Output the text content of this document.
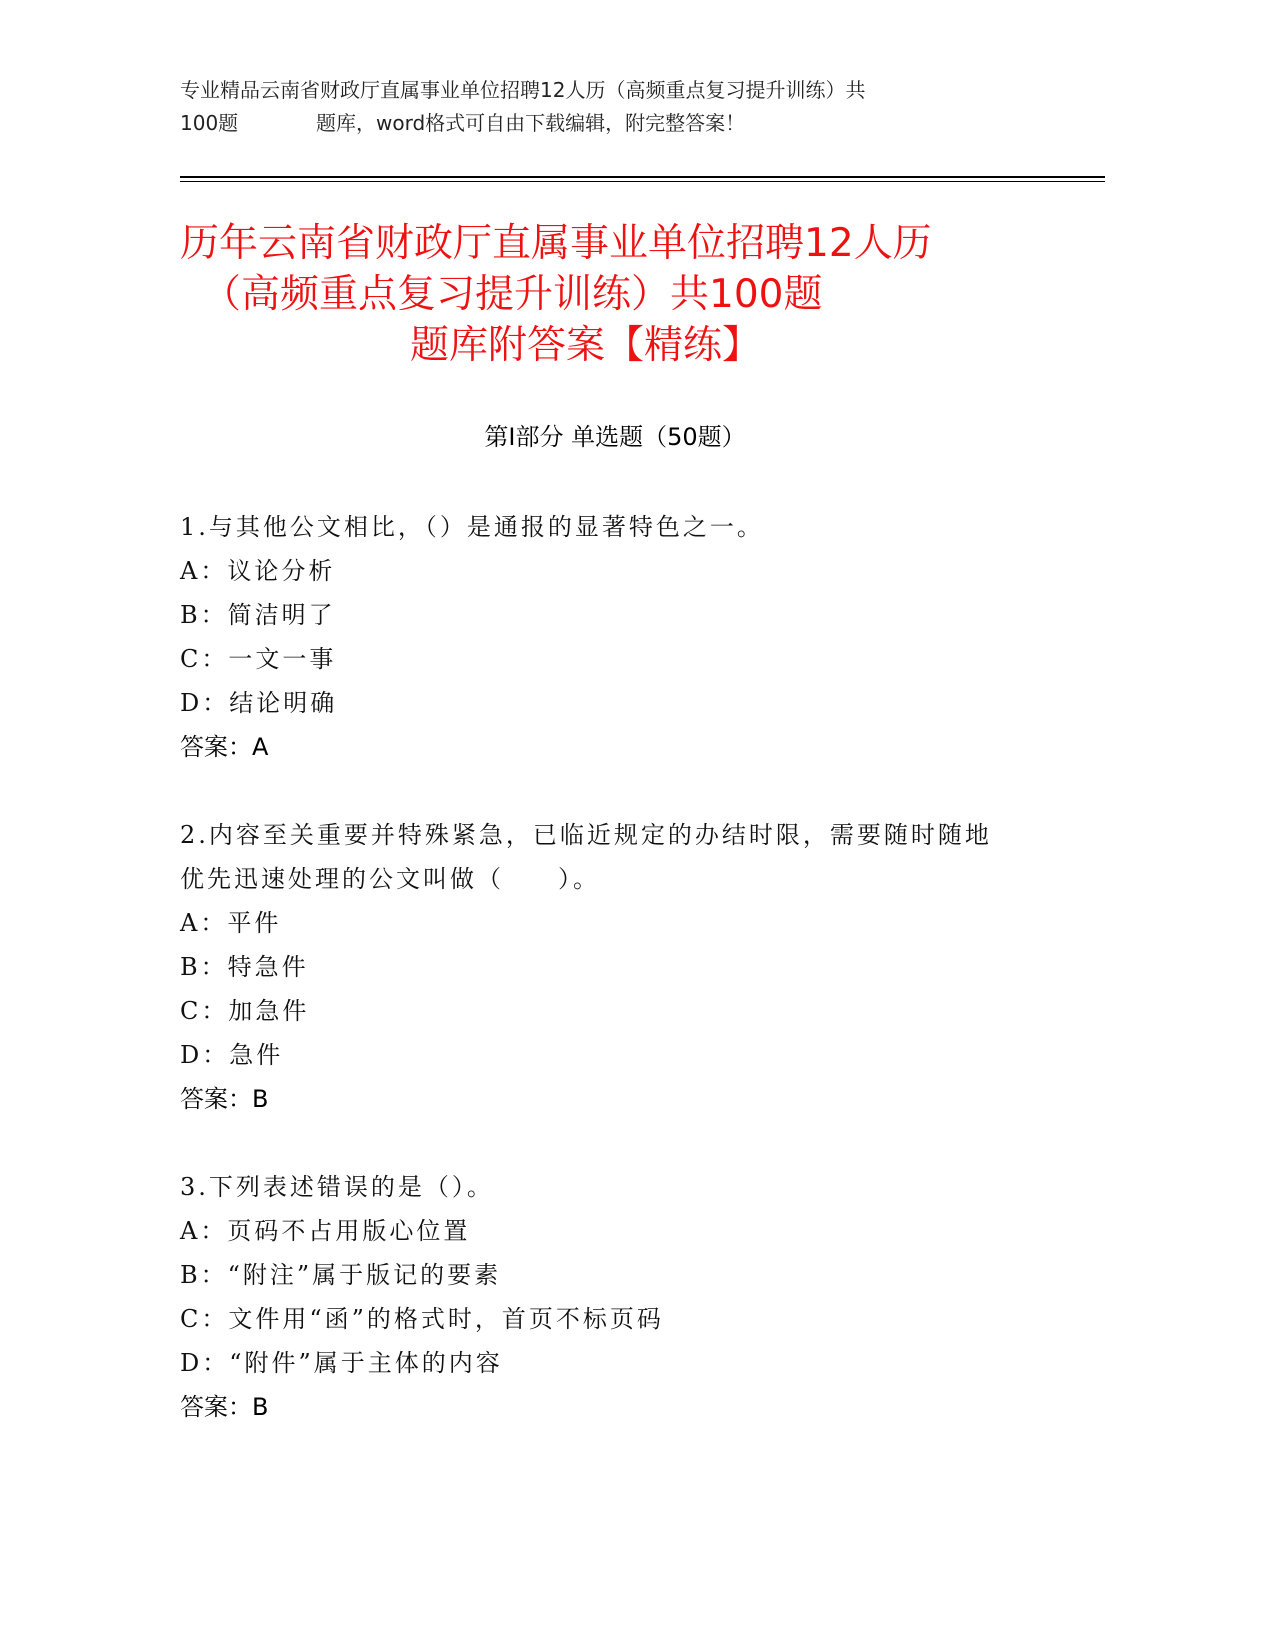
专业精品云南省财政厅直属事业单位招聘12人历（高频重点复习提升训练）共
100题	题库，word格式可自由下载编辑，附完整答案！
历年云南省财政厅直属事业单位招聘12人历
（高频重点复习提升训练）共100题
题库附答案【精练】
第Ⅰ部分 单选题（50题）
1.与其他公文相比，（）是通报的显著特色之一。
A：议论分析
B：简洁明了
C：一文一事
D：结论明确
答案：A
2.内容至关重要并特殊紧急，已临近规定的办结时限，需要随时随地
优先迅速处理的公文叫做（　　）。
A：平件
B：特急件
C：加急件
D：急件
答案：B
3.下列表述错误的是（）。
A：页码不占用版心位置
B：“附注”属于版记的要素
C：文件用“函”的格式时，首页不标页码
D：“附件”属于主体的内容
答案：B
